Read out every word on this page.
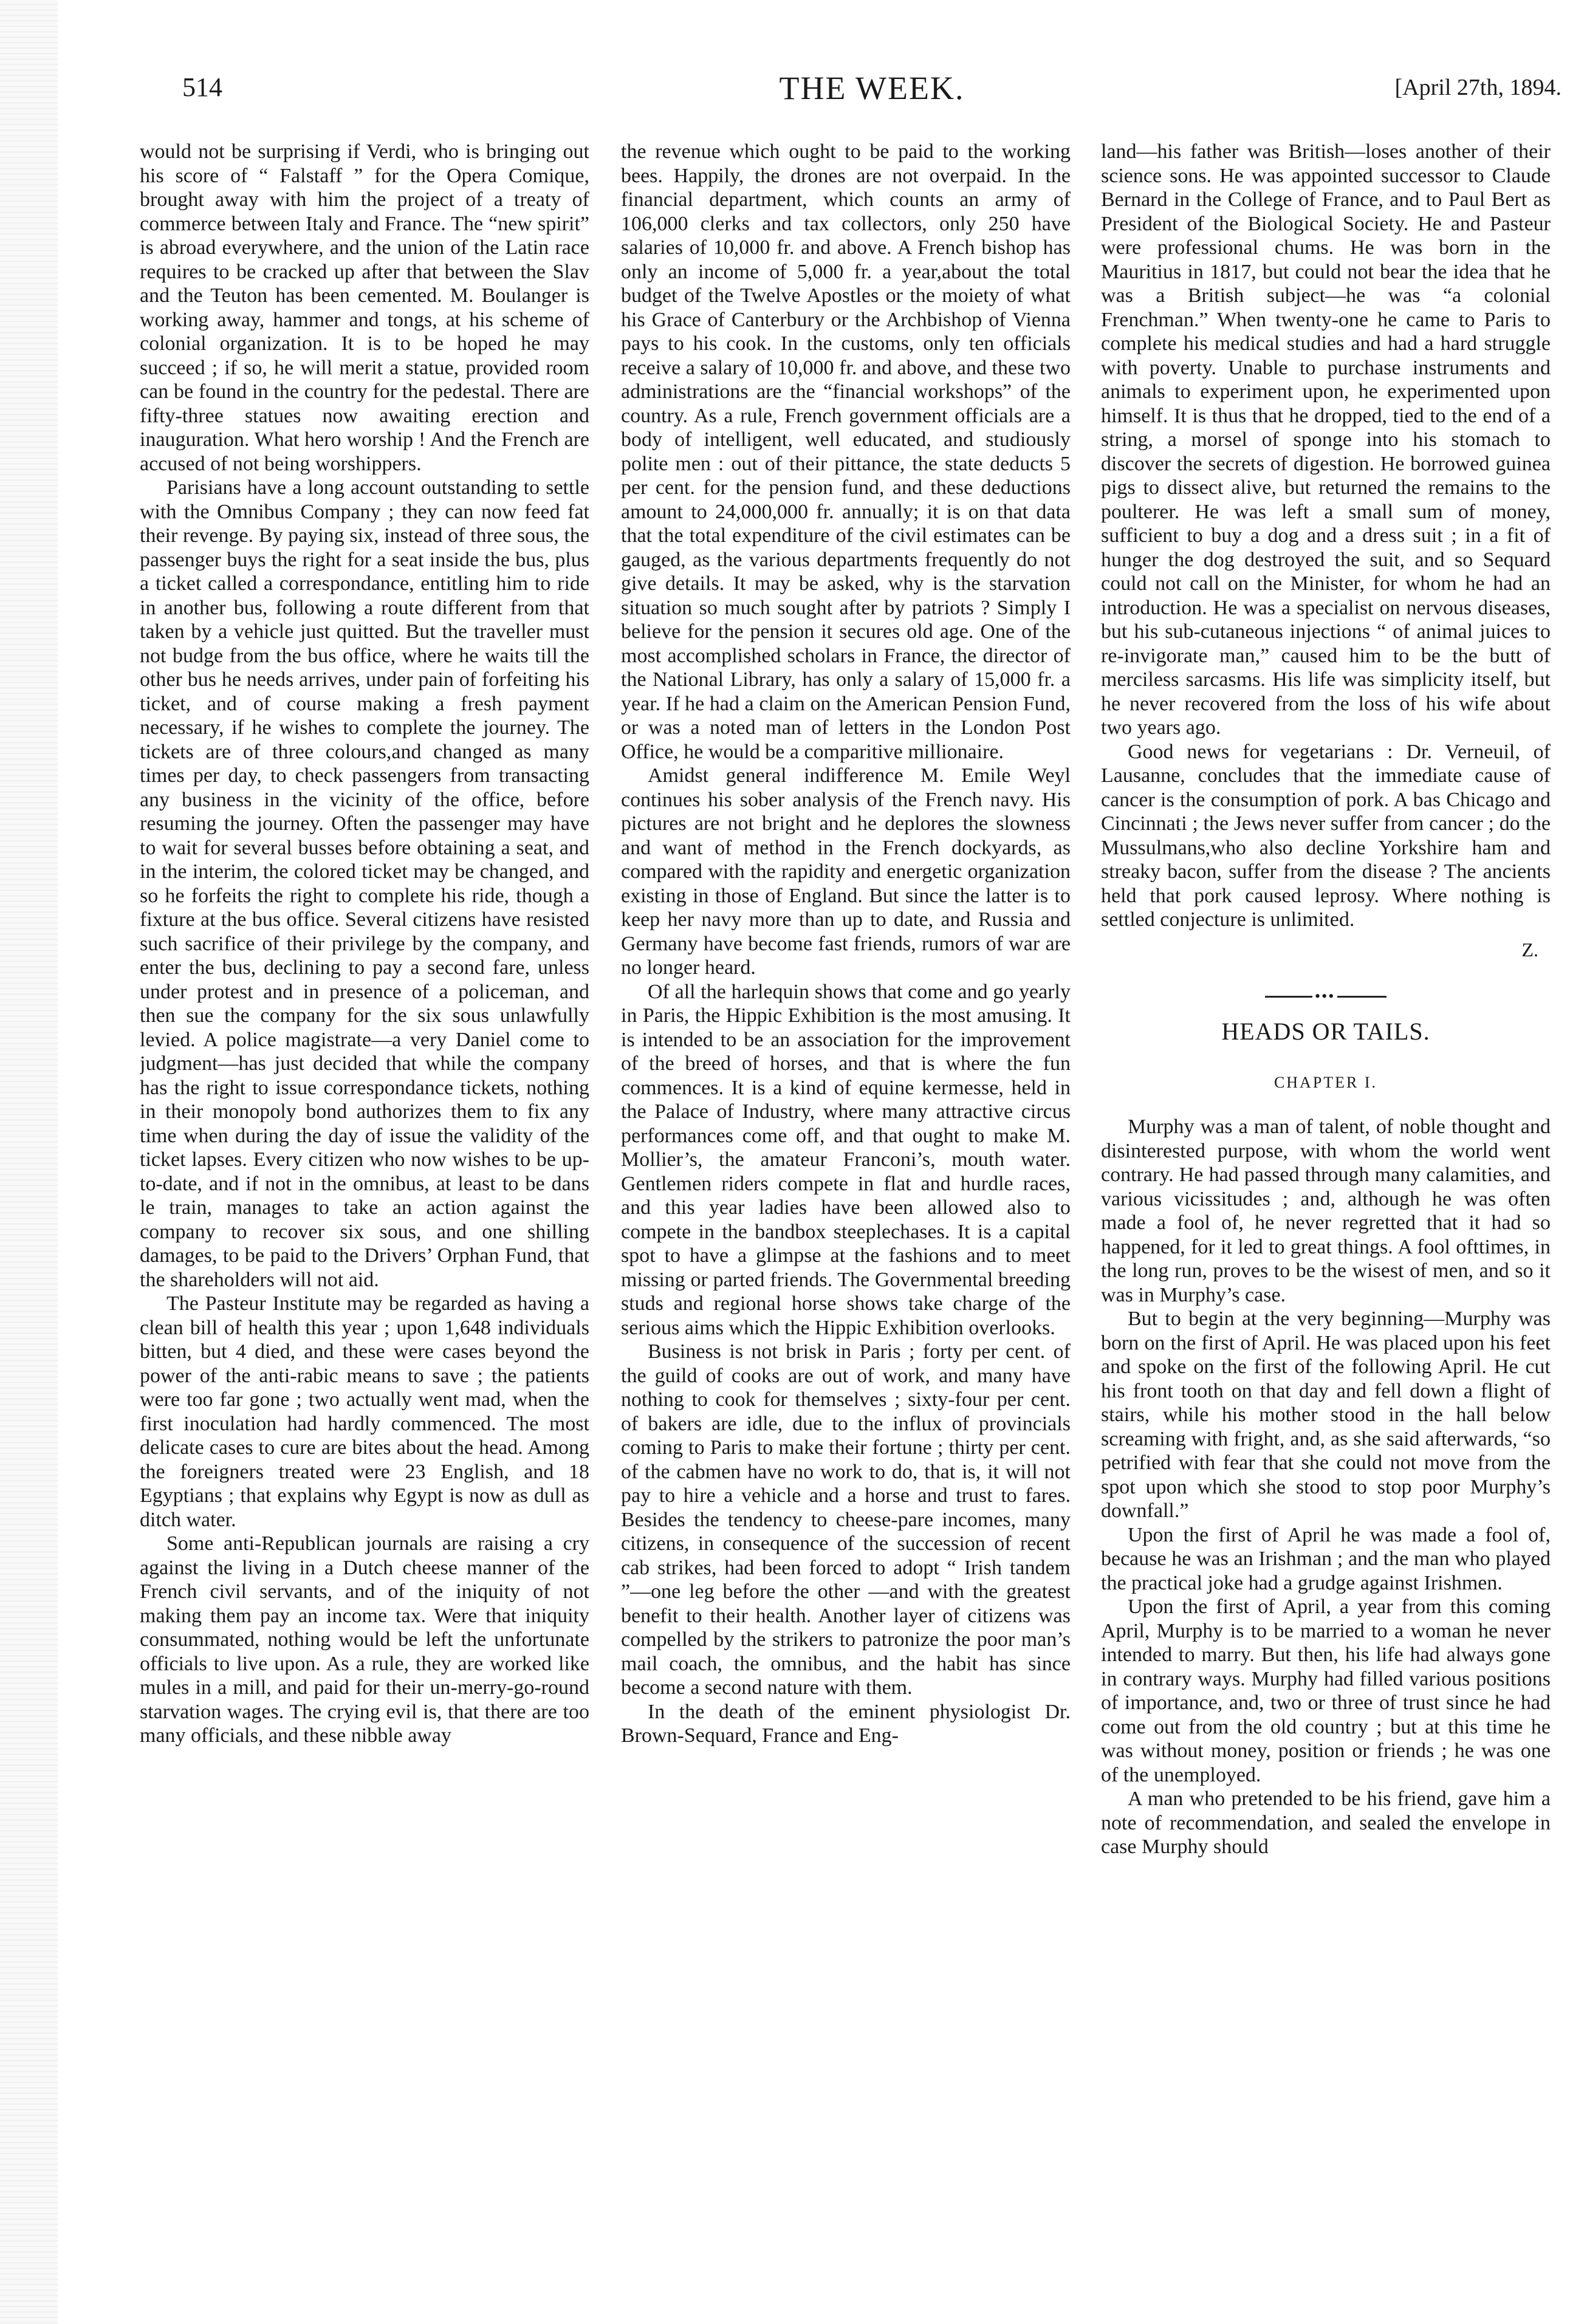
514	THE WEEK.	[April 27th, 1894.

would not be surprising if Verdi, who is bringing out his score of “ Falstaff ” for the Opera Comique, brought away with him the project of a treaty of commerce between Italy and France. The “new spirit” is abroad everywhere, and the union of the Latin race requires to be cracked up after that between the Slav and the Teuton has been cemented. M. Boulanger is working away, hammer and tongs, at his scheme of colonial organization. It is to be hoped he may succeed ; if so, he will merit a statue, provided room can be found in the country for the pedestal. There are fifty-three statues now awaiting erection and inauguration. What hero worship ! And the French are accused of not being worshippers.

Parisians have a long account outstanding to settle with the Omnibus Company ; they can now feed fat their revenge. By paying six, instead of three sous, the passenger buys the right for a seat inside the bus, plus a ticket called a correspondance, entitling him to ride in another bus, following a route different from that taken by a vehicle just quitted. But the traveller must not budge from the bus office, where he waits till the other bus he needs arrives, under pain of forfeiting his ticket, and of course making a fresh payment necessary, if he wishes to complete the journey. The tickets are of three colours,and changed as many times per day, to check passengers from transacting any business in the vicinity of the office, before resuming the journey. Often the passenger may have to wait for several busses before obtaining a seat, and in the interim, the colored ticket may be changed, and so he forfeits the right to complete his ride, though a fixture at the bus office. Several citizens have resisted such sacrifice of their privilege by the company, and enter the bus, declining to pay a second fare, unless under protest and in presence of a policeman, and then sue the company for the six sous unlawfully levied. A police magistrate—a very Daniel come to judgment—has just decided that while the company has the right to issue correspondance tickets, nothing in their monopoly bond authorizes them to fix any time when during the day of issue the validity of the ticket lapses. Every citizen who now wishes to be up-to-date, and if not in the omnibus, at least to be dans le train, manages to take an action against the company to recover six sous, and one shilling damages, to be paid to the Drivers’ Orphan Fund, that the shareholders will not aid.

The Pasteur Institute may be regarded as having a clean bill of health this year ; upon 1,648 individuals bitten, but 4 died, and these were cases beyond the power of the anti-rabic means to save ; the patients were too far gone ; two actually went mad, when the first inoculation had hardly commenced. The most delicate cases to cure are bites about the head. Among the foreigners treated were 23 English, and 18 Egyptians ; that explains why Egypt is now as dull as ditch water.

Some anti-Republican journals are raising a cry against the living in a Dutch cheese manner of the French civil servants, and of the iniquity of not making them pay an income tax. Were that iniquity consummated, nothing would be left the unfortunate officials to live upon. As a rule, they are worked like mules in a mill, and paid for their un-merry-go-round starvation wages. The crying evil is, that there are too many officials, and these nibble away

the revenue which ought to be paid to the working bees. Happily, the drones are not overpaid. In the financial department, which counts an army of 106,000 clerks and tax collectors, only 250 have salaries of 10,000 fr. and above. A French bishop has only an income of 5,000 fr. a year,about the total budget of the Twelve Apostles or the moiety of what his Grace of Canterbury or the Archbishop of Vienna pays to his cook. In the customs, only ten officials receive a salary of 10,000 fr. and above, and these two administrations are the “financial workshops” of the country. As a rule, French government officials are a body of intelligent, well educated, and studiously polite men : out of their pittance, the state deducts 5 per cent. for the pension fund, and these deductions amount to 24,000,000 fr. annually; it is on that data that the total expenditure of the civil estimates can be gauged, as the various departments frequently do not give details. It may be asked, why is the starvation situation so much sought after by patriots ? Simply I believe for the pension it secures old age. One of the most accomplished scholars in France, the director of the National Library, has only a salary of 15,000 fr. a year. If he had a claim on the American Pension Fund, or was a noted man of letters in the London Post Office, he would be a comparitive millionaire.

Amidst general indifference M. Emile Weyl continues his sober analysis of the French navy. His pictures are not bright and he deplores the slowness and want of method in the French dockyards, as compared with the rapidity and energetic organization existing in those of England. But since the latter is to keep her navy more than up to date, and Russia and Germany have become fast friends, rumors of war are no longer heard.

Of all the harlequin shows that come and go yearly in Paris, the Hippic Exhibition is the most amusing. It is intended to be an association for the improvement of the breed of horses, and that is where the fun commences. It is a kind of equine kermesse, held in the Palace of Industry, where many attractive circus performances come off, and that ought to make M. Mollier’s, the amateur Franconi’s, mouth water. Gentlemen riders compete in flat and hurdle races, and this year ladies have been allowed also to compete in the bandbox steeplechases. It is a capital spot to have a glimpse at the fashions and to meet missing or parted friends. The Governmental breeding studs and regional horse shows take charge of the serious aims which the Hippic Exhibition overlooks.

Business is not brisk in Paris ; forty per cent. of the guild of cooks are out of work, and many have nothing to cook for themselves ; sixty-four per cent. of bakers are idle, due to the influx of provincials coming to Paris to make their fortune ; thirty per cent. of the cabmen have no work to do, that is, it will not pay to hire a vehicle and a horse and trust to fares. Besides the tendency to cheese-pare incomes, many citizens, in consequence of the succession of recent cab strikes, had been forced to adopt “ Irish tandem ”—one leg before the other —and with the greatest benefit to their health. Another layer of citizens was compelled by the strikers to patronize the poor man’s mail coach, the omnibus, and the habit has since become a second nature with them.

In the death of the eminent physiologist Dr. Brown-Sequard, France and Eng-

land—his father was British—loses another of their science sons. He was appointed successor to Claude Bernard in the College of France, and to Paul Bert as President of the Biological Society. He and Pasteur were professional chums. He was born in the Mauritius in 1817, but could not bear the idea that he was a British subject—he was “a colonial Frenchman.” When twenty-one he came to Paris to complete his medical studies and had a hard struggle with poverty. Unable to purchase instruments and animals to experiment upon, he experimented upon himself. It is thus that he dropped, tied to the end of a string, a morsel of sponge into his stomach to discover the secrets of digestion. He borrowed guinea pigs to dissect alive, but returned the remains to the poulterer. He was left a small sum of money, sufficient to buy a dog and a dress suit ; in a fit of hunger the dog destroyed the suit, and so Sequard could not call on the Minister, for whom he had an introduction. He was a specialist on nervous diseases, but his sub-cutaneous injections “ of animal juices to re-invigorate man,” caused him to be the butt of merciless sarcasms. His life was simplicity itself, but he never recovered from the loss of his wife about two years ago.

Good news for vegetarians : Dr. Verneuil, of Lausanne, concludes that the immediate cause of cancer is the consumption of pork. A bas Chicago and Cincinnati ; the Jews never suffer from cancer ; do the Mussulmans,who also decline Yorkshire ham and streaky bacon, suffer from the disease ? The ancients held that pork caused leprosy. Where nothing is settled conjecture is unlimited.

Z.
•••
HEADS OR TAILS.
CHAPTER I.

Murphy was a man of talent, of noble thought and disinterested purpose, with whom the world went contrary. He had passed through many calamities, and various vicissitudes ; and, although he was often made a fool of, he never regretted that it had so happened, for it led to great things. A fool ofttimes, in the long run, proves to be the wisest of men, and so it was in Murphy’s case.

But to begin at the very beginning—Murphy was born on the first of April. He was placed upon his feet and spoke on the first of the following April. He cut his front tooth on that day and fell down a flight of stairs, while his mother stood in the hall below screaming with fright, and, as she said afterwards, “so petrified with fear that she could not move from the spot upon which she stood to stop poor Murphy’s downfall.”

Upon the first of April he was made a fool of, because he was an Irishman ; and the man who played the practical joke had a grudge against Irishmen.

Upon the first of April, a year from this coming April, Murphy is to be married to a woman he never intended to marry. But then, his life had always gone in contrary ways. Murphy had filled various positions of importance, and, two or three of trust since he had come out from the old country ; but at this time he was without money, position or friends ; he was one of the unemployed.

A man who pretended to be his friend, gave him a note of recommendation, and sealed the envelope in case Murphy should
